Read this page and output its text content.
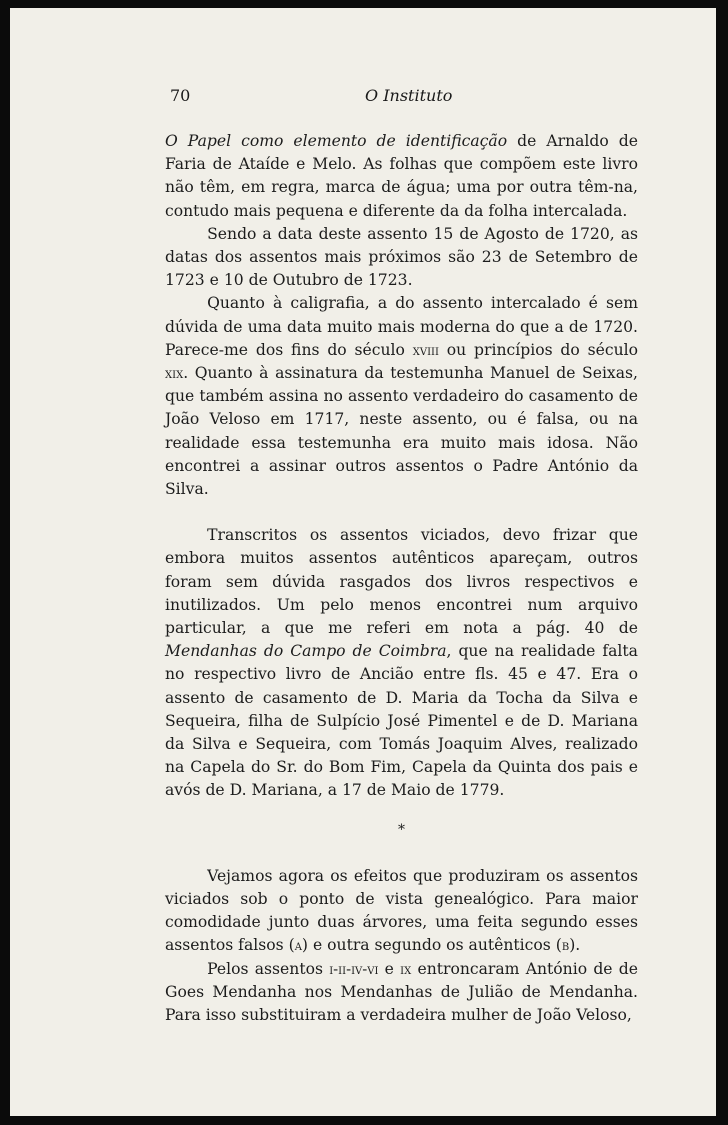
70	O Instituto

O Papel como elemento de identificação de Arnaldo de Faria de Ataíde e Melo. As folhas que compõem este livro não têm, em regra, marca de água; uma por outra têm-na, contudo mais pequena e diferente da da folha intercalada.

Sendo a data deste assento 15 de Agosto de 1720, as datas dos assentos mais próximos são 23 de Setembro de 1723 e 10 de Outubro de 1723.

Quanto à caligrafia, a do assento intercalado é sem dúvida de uma data muito mais moderna do que a de 1720. Parece-me dos fins do século xviii ou princípios do século xix. Quanto à assinatura da testemunha Manuel de Seixas, que também assina no assento verdadeiro do casamento de João Veloso em 1717, neste assento, ou é falsa, ou na realidade essa testemunha era muito mais idosa. Não encontrei a assinar outros assentos o Padre António da Silva.

Transcritos os assentos viciados, devo frizar que embora muitos assentos autênticos apareçam, outros foram sem dúvida rasgados dos livros respectivos e inutilizados. Um pelo menos encontrei num arquivo particular, a que me referi em nota a pág. 40 de Mendanhas do Campo de Coimbra, que na realidade falta no respectivo livro de Ancião entre fls. 45 e 47. Era o assento de casamento de D. Maria da Tocha da Silva e Sequeira, filha de Sulpício José Pimentel e de D. Mariana da Silva e Sequeira, com Tomás Joaquim Alves, realizado na Capela do Sr. do Bom Fim, Capela da Quinta dos pais e avós de D. Mariana, a 17 de Maio de 1779.

*

Vejamos agora os efeitos que produziram os assentos viciados sob o ponto de vista genealógico. Para maior comodidade junto duas árvores, uma feita segundo esses assentos falsos (a) e outra segundo os autênticos (b).

Pelos assentos i-ii-iv-vi e ix entroncaram António de de Goes Mendanha nos Mendanhas de Julião de Mendanha. Para isso substituiram a verdadeira mulher de João Veloso,
